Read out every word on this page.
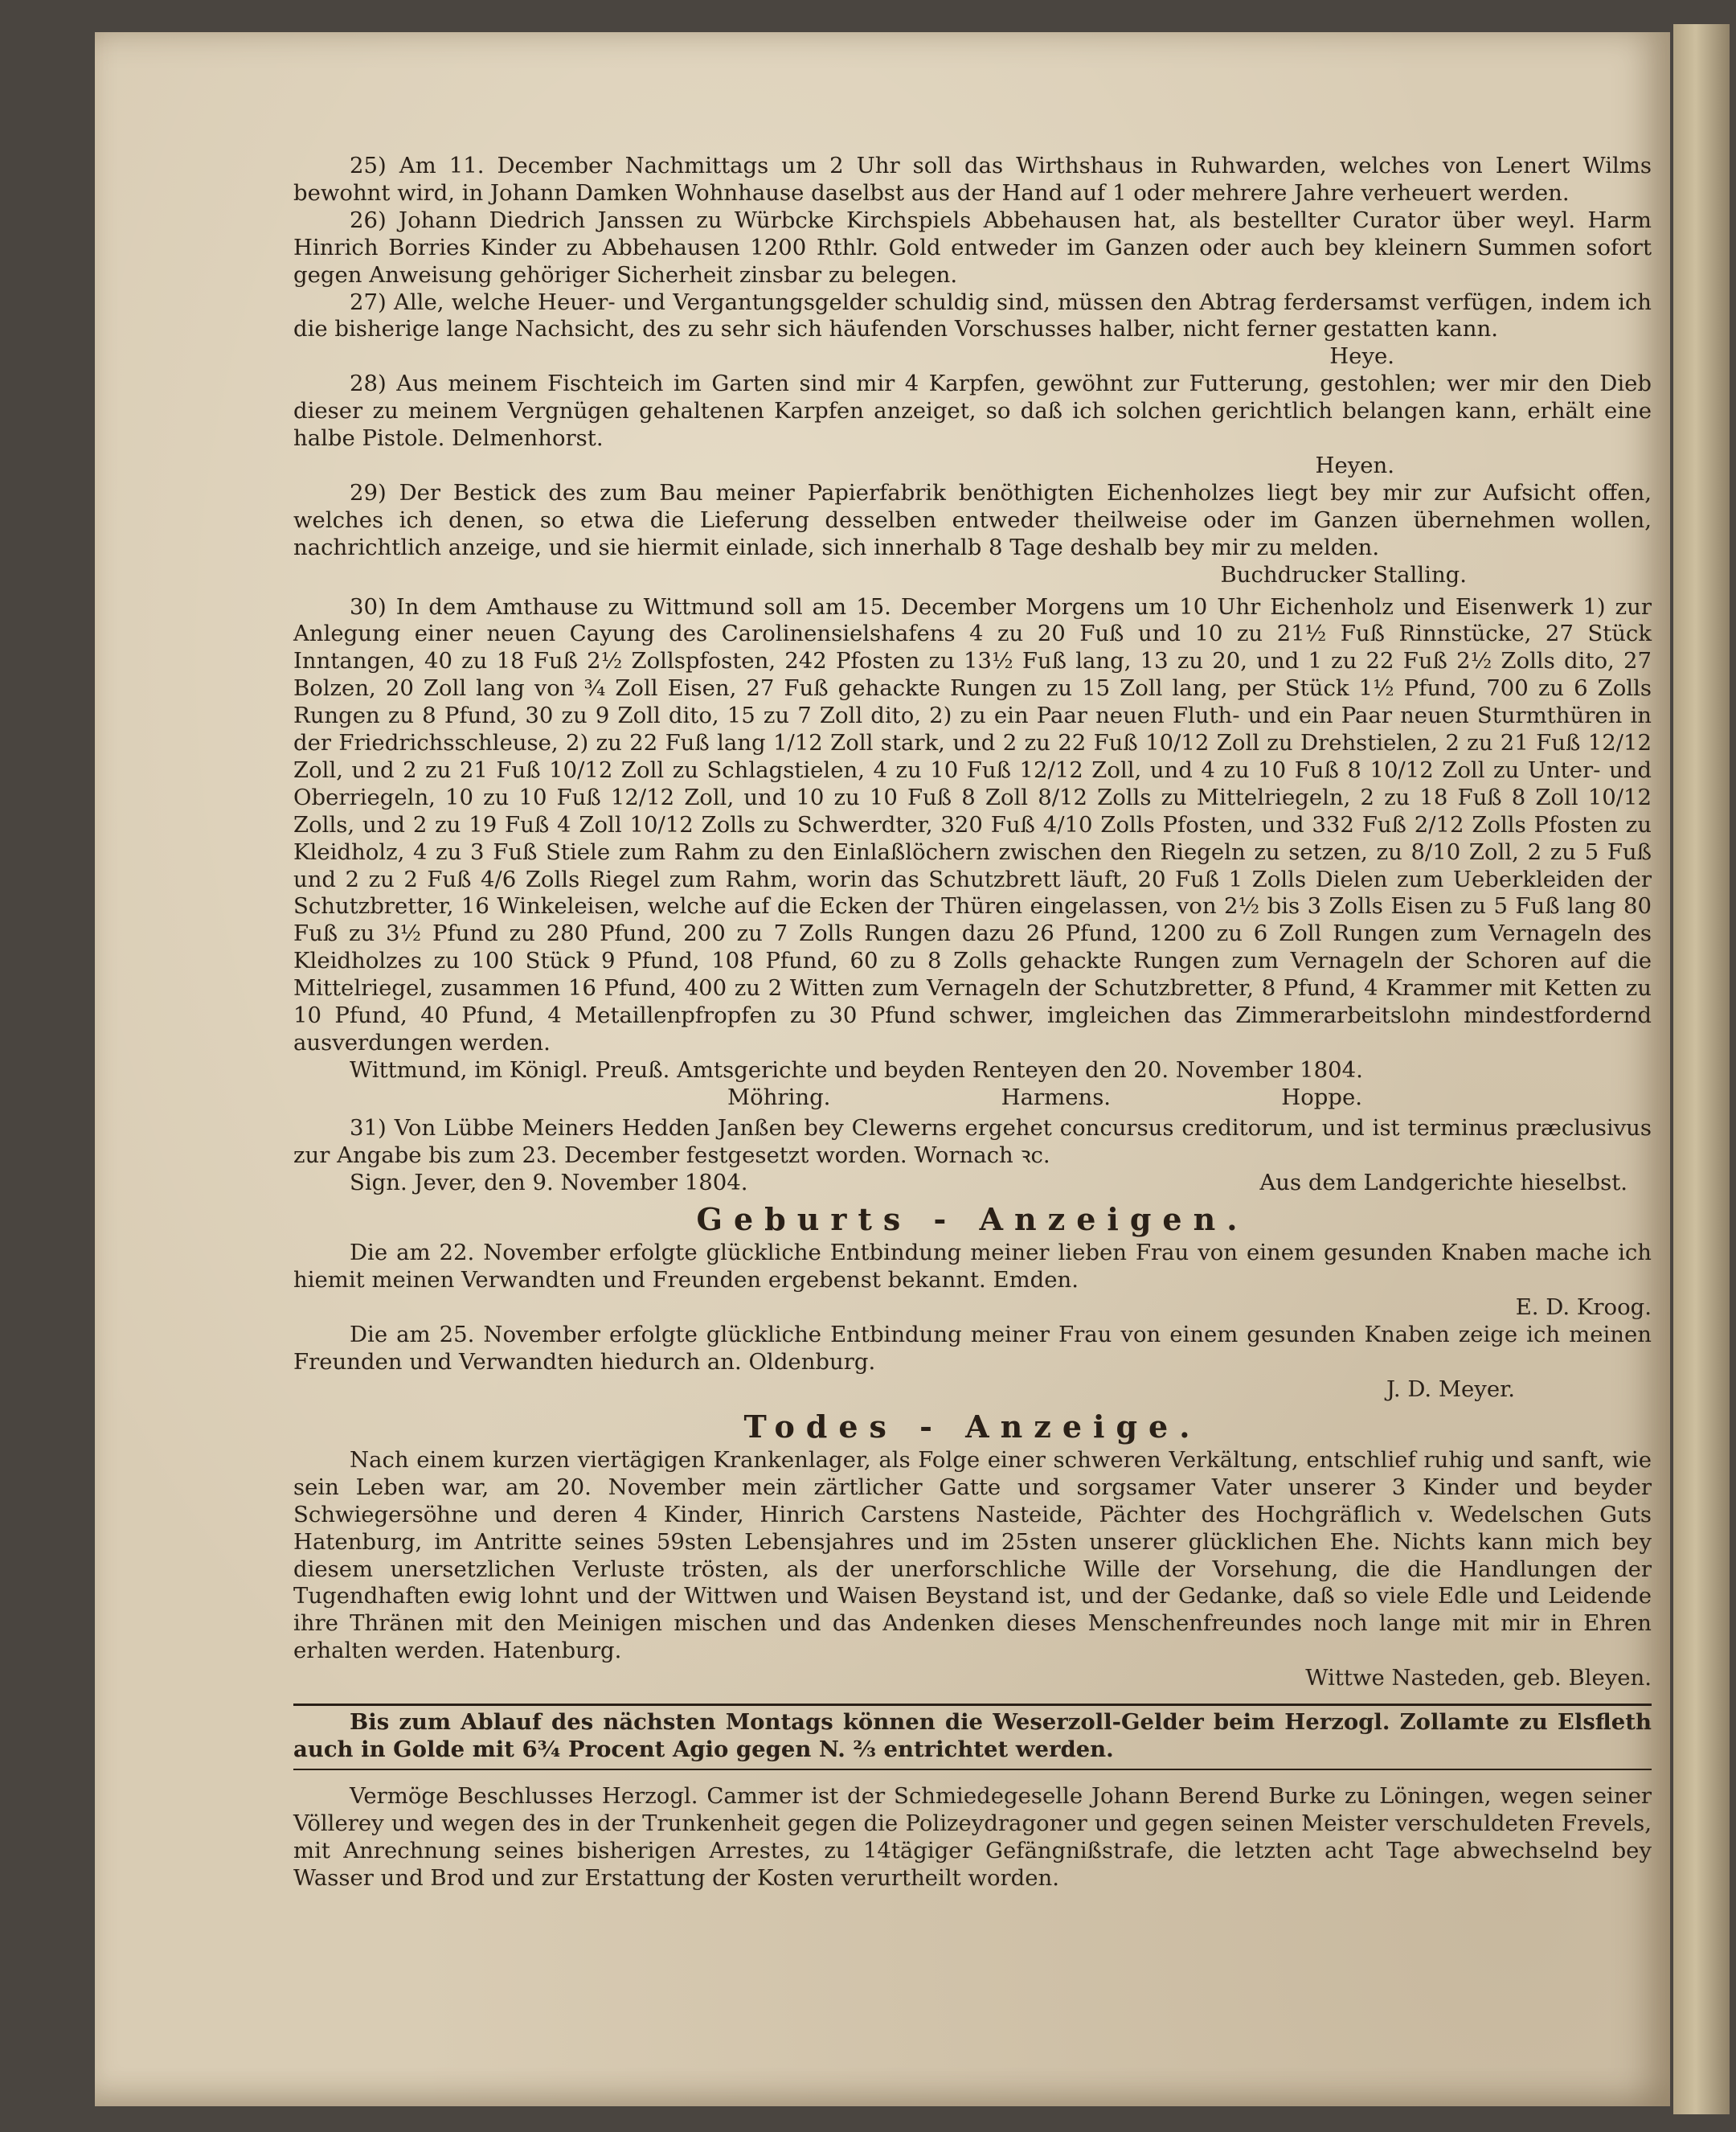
25) Am 11. December Nachmittags um 2 Uhr soll das Wirthshaus in Ruhwarden, welches von Lenert Wilms bewohnt wird, in Johann Damken Wohnhause daselbst aus der Hand auf 1 oder mehrere Jahre verheuert werden.

26) Johann Diedrich Janssen zu Würbcke Kirchspiels Abbehausen hat, als bestellter Curator über weyl. Harm Hinrich Borries Kinder zu Abbehausen 1200 Rthlr. Gold entweder im Ganzen oder auch bey kleinern Summen sofort gegen Anweisung gehöriger Sicherheit zinsbar zu belegen.

27) Alle, welche Heuer- und Vergantungsgelder schuldig sind, müssen den Abtrag ferdersamst verfügen, indem ich die bisherige lange Nachsicht, des zu sehr sich häufenden Vorschusses halber, nicht ferner gestatten kann.

Heye.

28) Aus meinem Fischteich im Garten sind mir 4 Karpfen, gewöhnt zur Futterung, gestohlen; wer mir den Dieb dieser zu meinem Vergnügen gehaltenen Karpfen anzeiget, so daß ich solchen gerichtlich belangen kann, erhält eine halbe Pistole. Delmenhorst.

Heyen.

29) Der Bestick des zum Bau meiner Papierfabrik benöthigten Eichenholzes liegt bey mir zur Aufsicht offen, welches ich denen, so etwa die Lieferung desselben entweder theilweise oder im Ganzen übernehmen wollen, nachrichtlich anzeige, und sie hiermit einlade, sich innerhalb 8 Tage deshalb bey mir zu melden.

Buchdrucker Stalling.

30) In dem Amthause zu Wittmund soll am 15. December Morgens um 10 Uhr Eichenholz und Eisenwerk 1) zur Anlegung einer neuen Cayung des Carolinensielshafens 4 zu 20 Fuß und 10 zu 21½ Fuß Rinnstücke, 27 Stück Inntangen, 40 zu 18 Fuß 2½ Zollspfosten, 242 Pfosten zu 13½ Fuß lang, 13 zu 20, und 1 zu 22 Fuß 2½ Zolls dito, 27 Bolzen, 20 Zoll lang von ¾ Zoll Eisen, 27 Fuß gehackte Rungen zu 15 Zoll lang, per Stück 1½ Pfund, 700 zu 6 Zolls Rungen zu 8 Pfund, 30 zu 9 Zoll dito, 15 zu 7 Zoll dito, 2) zu ein Paar neuen Fluth- und ein Paar neuen Sturmthüren in der Friedrichsschleuse, 2) zu 22 Fuß lang 1/12 Zoll stark, und 2 zu 22 Fuß 10/12 Zoll zu Drehstielen, 2 zu 21 Fuß 12/12 Zoll, und 2 zu 21 Fuß 10/12 Zoll zu Schlagstielen, 4 zu 10 Fuß 12/12 Zoll, und 4 zu 10 Fuß 8 10/12 Zoll zu Unter- und Oberriegeln, 10 zu 10 Fuß 12/12 Zoll, und 10 zu 10 Fuß 8 Zoll 8/12 Zolls zu Mittelriegeln, 2 zu 18 Fuß 8 Zoll 10/12 Zolls, und 2 zu 19 Fuß 4 Zoll 10/12 Zolls zu Schwerdter, 320 Fuß 4/10 Zolls Pfosten, und 332 Fuß 2/12 Zolls Pfosten zu Kleidholz, 4 zu 3 Fuß Stiele zum Rahm zu den Einlaßlöchern zwischen den Riegeln zu setzen, zu 8/10 Zoll, 2 zu 5 Fuß und 2 zu 2 Fuß 4/6 Zolls Riegel zum Rahm, worin das Schutzbrett läuft, 20 Fuß 1 Zolls Dielen zum Ueberkleiden der Schutzbretter, 16 Winkeleisen, welche auf die Ecken der Thüren eingelassen, von 2½ bis 3 Zolls Eisen zu 5 Fuß lang 80 Fuß zu 3½ Pfund zu 280 Pfund, 200 zu 7 Zolls Rungen dazu 26 Pfund, 1200 zu 6 Zoll Rungen zum Vernageln des Kleidholzes zu 100 Stück 9 Pfund, 108 Pfund, 60 zu 8 Zolls gehackte Rungen zum Vernageln der Schoren auf die Mittelriegel, zusammen 16 Pfund, 400 zu 2 Witten zum Vernageln der Schutzbretter, 8 Pfund, 4 Krammer mit Ketten zu 10 Pfund, 40 Pfund, 4 Metaillenpfropfen zu 30 Pfund schwer, imgleichen das Zimmerarbeitslohn mindestfordernd ausverdungen werden.

Wittmund, im Königl. Preuß. Amtsgerichte und beyden Renteyen den 20. November 1804.

Möhring.	Harmens.	Hoppe.

31) Von Lübbe Meiners Hedden Janßen bey Clewerns ergehet concursus creditorum, und ist terminus præclusivus zur Angabe bis zum 23. December festgesetzt worden. Wornach ꝛc.

Sign. Jever, den 9. November 1804.	Aus dem Landgerichte hieselbst.

Geburts - Anzeigen.

Die am 22. November erfolgte glückliche Entbindung meiner lieben Frau von einem gesunden Knaben mache ich hiemit meinen Verwandten und Freunden ergebenst bekannt. Emden.

E. D. Kroog.

Die am 25. November erfolgte glückliche Entbindung meiner Frau von einem gesunden Knaben zeige ich meinen Freunden und Verwandten hiedurch an. Oldenburg.

J. D. Meyer.

Todes - Anzeige.

Nach einem kurzen viertägigen Krankenlager, als Folge einer schweren Verkältung, entschlief ruhig und sanft, wie sein Leben war, am 20. November mein zärtlicher Gatte und sorgsamer Vater unserer 3 Kinder und beyder Schwiegersöhne und deren 4 Kinder, Hinrich Carstens Nasteide, Pächter des Hochgräflich v. Wedelschen Guts Hatenburg, im Antritte seines 59sten Lebensjahres und im 25sten unserer glücklichen Ehe. Nichts kann mich bey diesem unersetzlichen Verluste trösten, als der unerforschliche Wille der Vorsehung, die die Handlungen der Tugendhaften ewig lohnt und der Wittwen und Waisen Beystand ist, und der Gedanke, daß so viele Edle und Leidende ihre Thränen mit den Meinigen mischen und das Andenken dieses Menschenfreundes noch lange mit mir in Ehren erhalten werden. Hatenburg.

Wittwe Nasteden, geb. Bleyen.

Bis zum Ablauf des nächsten Montags können die Weserzoll-Gelder beim Herzogl. Zollamte zu Elsfleth auch in Golde mit 6¾ Procent Agio gegen N. ⅔ entrichtet werden.

Vermöge Beschlusses Herzogl. Cammer ist der Schmiedegeselle Johann Berend Burke zu Löningen, wegen seiner Völlerey und wegen des in der Trunkenheit gegen die Polizeydragoner und gegen seinen Meister verschuldeten Frevels, mit Anrechnung seines bisherigen Arrestes, zu 14tägiger Gefängnißstrafe, die letzten acht Tage abwechselnd bey Wasser und Brod und zur Erstattung der Kosten verurtheilt worden.
